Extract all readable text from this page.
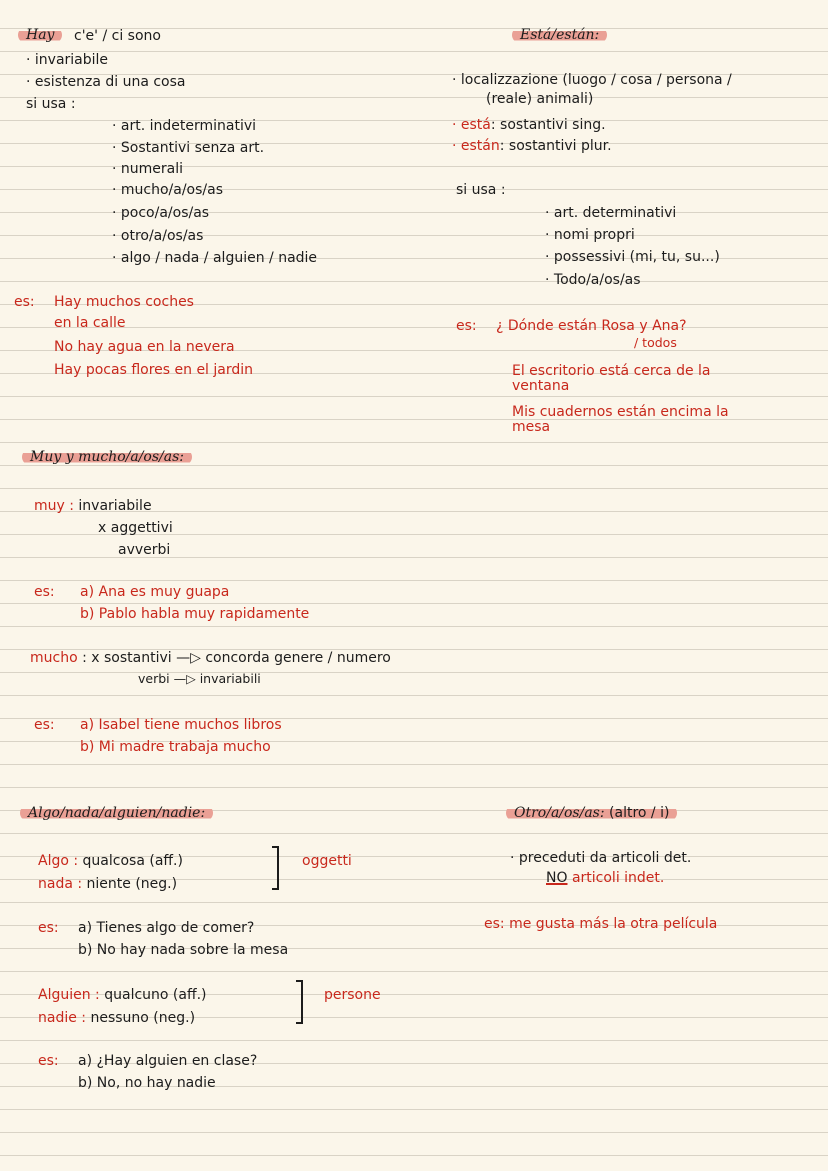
Hay	c'e' / ci sono
· invariabile
· esistenza di una cosa
si usa :
· art. indeterminativi
· Sostantivi senza art.
· numerali
· mucho/a/os/as
· poco/a/os/as
· otro/a/os/as
· algo / nada / alguien / nadie
es: Hay muchos coches
en la calle
No hay agua en la nevera
Hay pocas flores en el jardin
Está/están:
· localizzazione (luogo / cosa / persona /
(reale) animali)
· está: sostantivi sing.
· están: sostantivi plur.
si usa :
· art. determinativi
· nomi propri
· possessivi (mi, tu, su...)
· Todo/a/os/as
es: ¿ Dónde están Rosa y Ana?
/ todos
El escritorio está cerca de la
ventana
Mis cuadernos están encima la
mesa
Muy y mucho/a/os/as:
muy : invariabile
x aggettivi
avverbi
es: a) Ana es muy guapa
b) Pablo habla muy rapidamente
mucho : x sostantivi —▷ concorda genere / numero
verbi —▷ invariabili
es: a) Isabel tiene muchos libros
b) Mi madre trabaja mucho
Algo/nada/alguien/nadie:
Algo : qualcosa (aff.)
nada : niente (neg.)
oggetti
es: a) Tienes algo de comer?
b) No hay nada sobre la mesa
Alguien : qualcuno (aff.)
nadie : nessuno (neg.)
persone
es: a) ¿Hay alguien en clase?
b) No, no hay nadie
Otro/a/os/as: (altro / i)
· preceduti da articoli det.
NO articoli indet.
es: me gusta más la otra película
